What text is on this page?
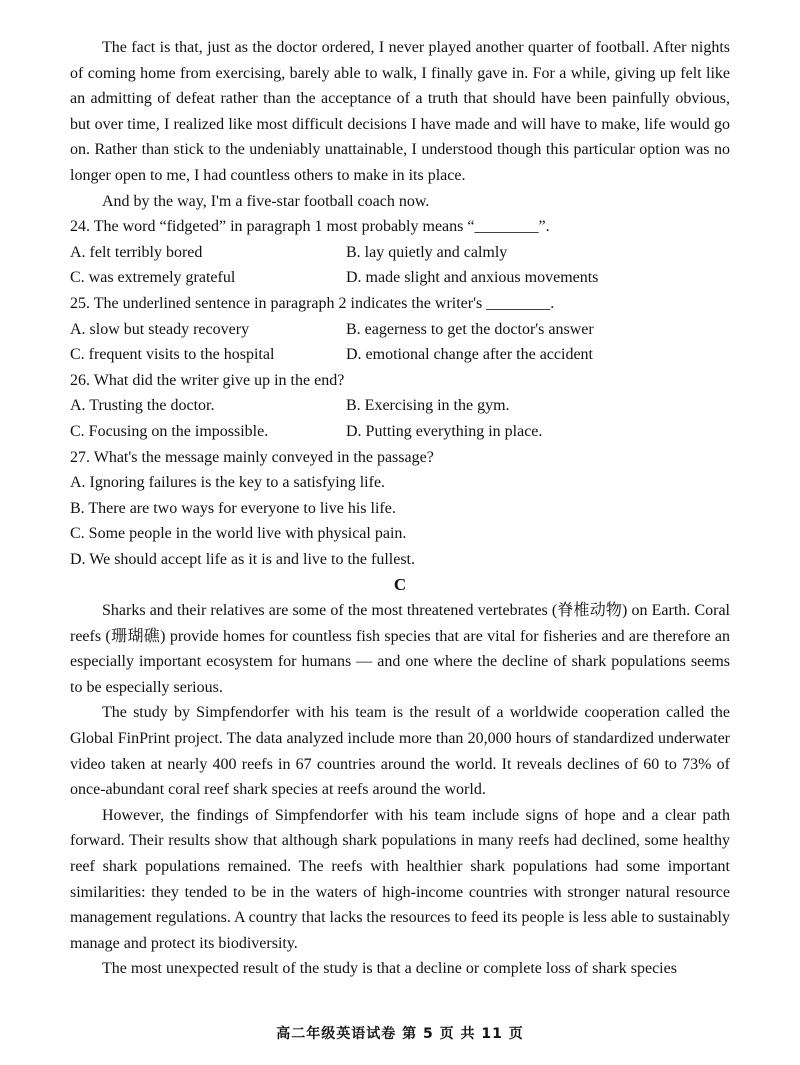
The fact is that, just as the doctor ordered, I never played another quarter of football. After nights of coming home from exercising, barely able to walk, I finally gave in. For a while, giving up felt like an admitting of defeat rather than the acceptance of a truth that should have been painfully obvious, but over time, I realized like most difficult decisions I have made and will have to make, life would go on. Rather than stick to the undeniably unattainable, I understood though this particular option was no longer open to me, I had countless others to make in its place.

And by the way, I'm a five-star football coach now.

24. The word “fidgeted” in paragraph 1 most probably means “________”.

A. felt terribly bored	B. lay quietly and calmly
C. was extremely grateful	D. made slight and anxious movements

25. The underlined sentence in paragraph 2 indicates the writer's ________.

A. slow but steady recovery	B. eagerness to get the doctor's answer
C. frequent visits to the hospital	D. emotional change after the accident

26. What did the writer give up in the end?

A. Trusting the doctor.	B. Exercising in the gym.
C. Focusing on the impossible.	D. Putting everything in place.

27. What's the message mainly conveyed in the passage?

A. Ignoring failures is the key to a satisfying life.

B. There are two ways for everyone to live his life.

C. Some people in the world live with physical pain.

D. We should accept life as it is and live to the fullest.

C

Sharks and their relatives are some of the most threatened vertebrates (脊椎动物) on Earth. Coral reefs (珊瑚礁) provide homes for countless fish species that are vital for fisheries and are therefore an especially important ecosystem for humans — and one where the decline of shark populations seems to be especially serious.

The study by Simpfendorfer with his team is the result of a worldwide cooperation called the Global FinPrint project. The data analyzed include more than 20,000 hours of standardized underwater video taken at nearly 400 reefs in 67 countries around the world. It reveals declines of 60 to 73% of once-abundant coral reef shark species at reefs around the world.

However, the findings of Simpfendorfer with his team include signs of hope and a clear path forward. Their results show that although shark populations in many reefs had declined, some healthy reef shark populations remained. The reefs with healthier shark populations had some important similarities: they tended to be in the waters of high-income countries with stronger natural resource management regulations. A country that lacks the resources to feed its people is less able to sustainably manage and protect its biodiversity.

The most unexpected result of the study is that a decline or complete loss of shark species

高二年级英语试卷 第 5 页 共 11 页
